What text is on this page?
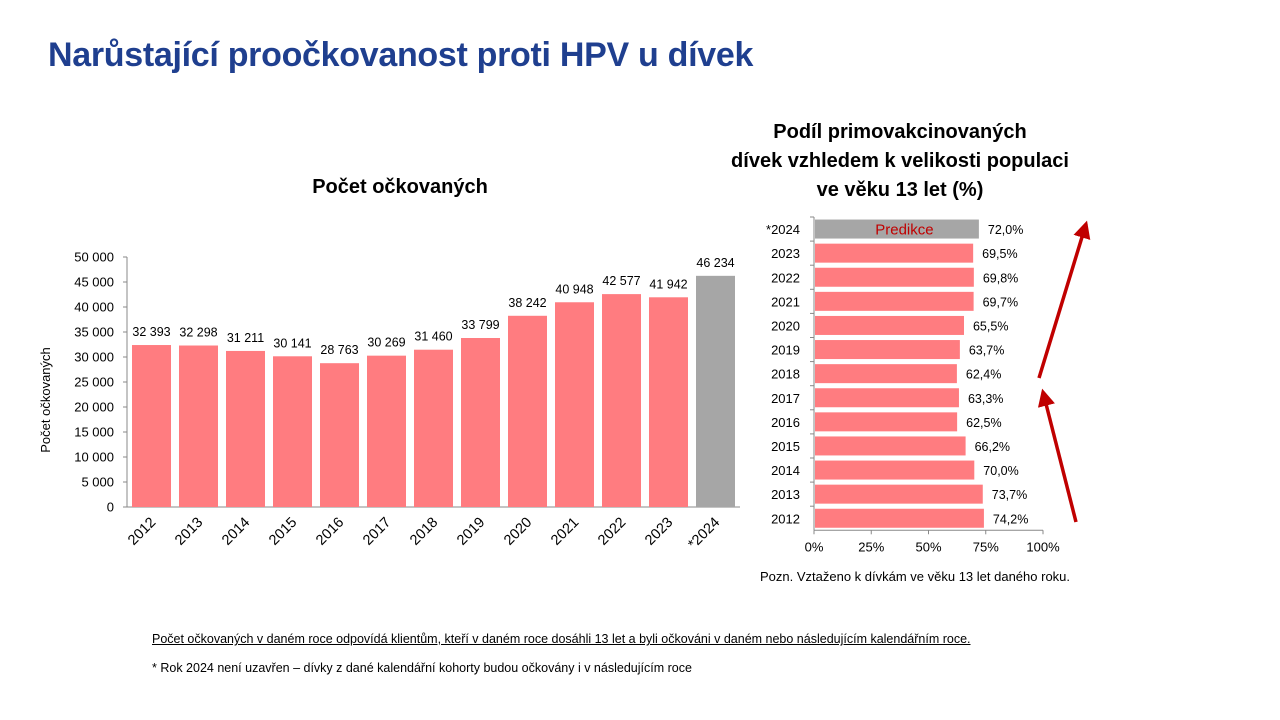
Narůstající proočkovanost proti HPV u dívek
Počet očkovaných
Podíl primovakcinovaných
dívek vzhledem k velikosti populaci
ve věku 13 let (%)
0
5 000
10 000
15 000
20 000
25 000
30 000
35 000
40 000
45 000
50 000
Počet očkovaných
32 393
2012
32 298
2013
31 211
2014
30 141
2015
28 763
2016
30 269
2017
31 460
2018
33 799
2019
38 242
2020
40 948
2021
42 577
2022
41 942
2023
46 234
*2024	0%	25% 50% 75% 100%
72,0%
*2024	Predikce
69,5%
2023
69,8%
2022
69,7%
2021
65,5%
2020
63,7%
2019
62,4%
2018
63,3%
2017
62,5%
2016
66,2%
2015
70,0%
2014
73,7%
2013
74,2%
2012
Pozn. Vztaženo k dívkám ve věku 13 let daného roku.
Počet očkovaných v daném roce odpovídá klientům, kteří v daném roce dosáhli 13 let a byli očkováni v daném nebo následujícím kalendářním roce.
* Rok 2024 není uzavřen – dívky z dané kalendářní kohorty budou očkovány i v následujícím roce
